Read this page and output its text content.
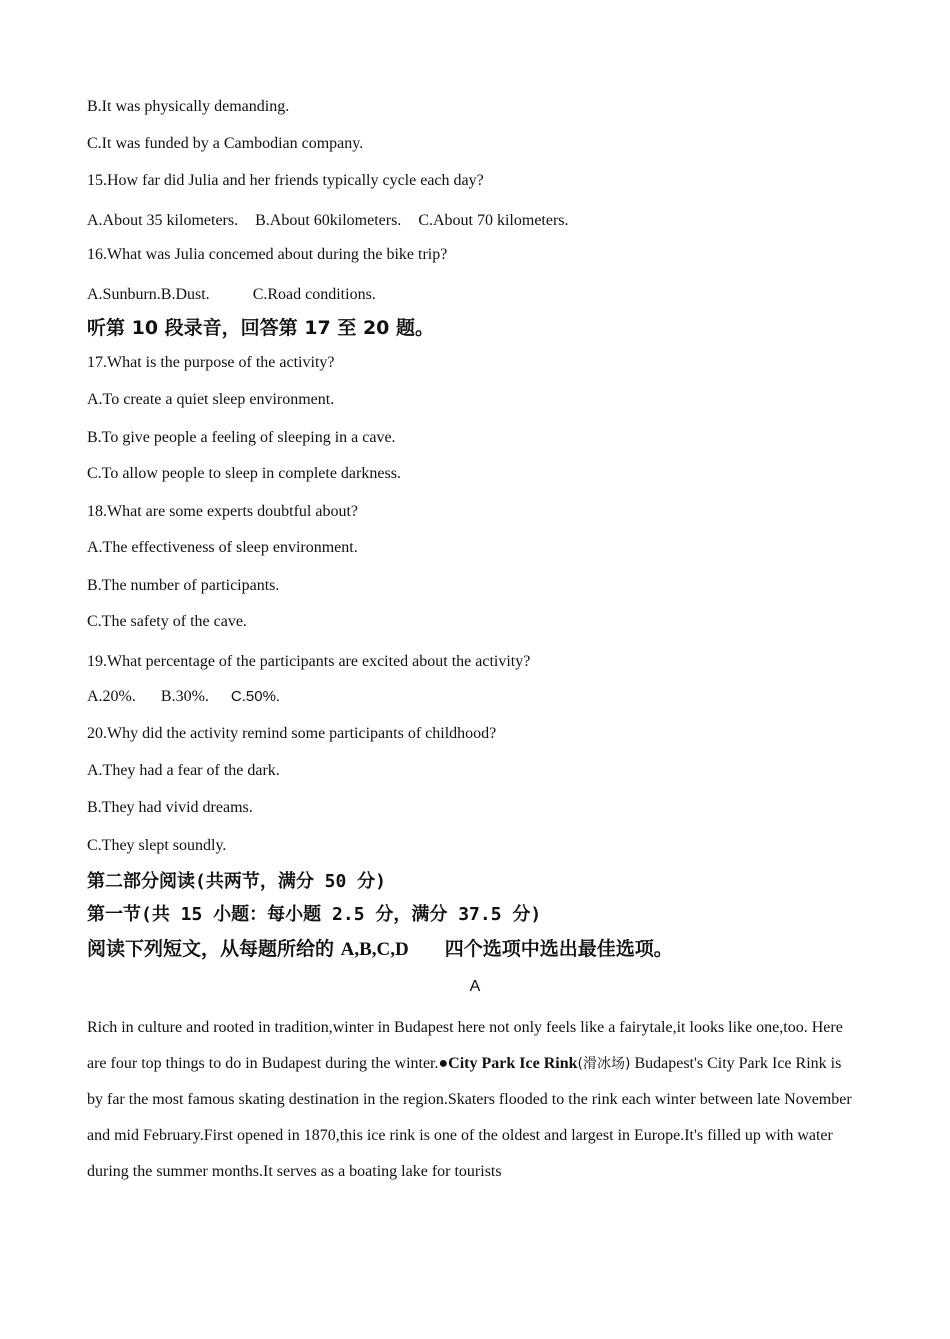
B.It was physically demanding.
C.It was funded by a Cambodian company.
15.How far did Julia and her friends typically cycle each day?
A.About 35 kilometers. B.About 60kilometers. C.About 70 kilometers.
16.What was Julia concemed about during the bike trip?
A.Sunburn.B.Dust.	C.Road conditions.
听第 10 段录音，回答第 17 至 20 题。
17.What is the purpose of the activity?
A.To create a quiet sleep environment.
B.To give people a feeling of sleeping in a cave.
C.To allow people to sleep in complete darkness.
18.What are some experts doubtful about?
A.The effectiveness of sleep environment.
B.The number of participants.
C.The safety of the cave.
19.What percentage of the participants are excited about the activity?
A.20%. B.30%. C.50%.
20.Why did the activity remind some participants of childhood?
A.They had a fear of the dark.
B.They had vivid dreams.
C.They slept soundly.
第二部分阅读(共两节，满分 50 分)
第一节(共 15 小题：每小题 2.5 分，满分 37.5 分)
阅读下列短文，从每题所给的 A,B,C,D 四个选项中选出最佳选项。
A
Rich in culture and rooted in tradition,winter in Budapest here not only feels like a fairytale,it looks like one,too. Here are four top things to do in Budapest during the winter.●City Park Ice Rink(滑冰场) Budapest's City Park Ice Rink is by far the most famous skating destination in the region.Skaters flooded to the rink each winter between late November and mid February.First opened in 1870,this ice rink is one of the oldest and largest in Europe.It's filled up with water during the summer months.It serves as a boating lake for tourists
